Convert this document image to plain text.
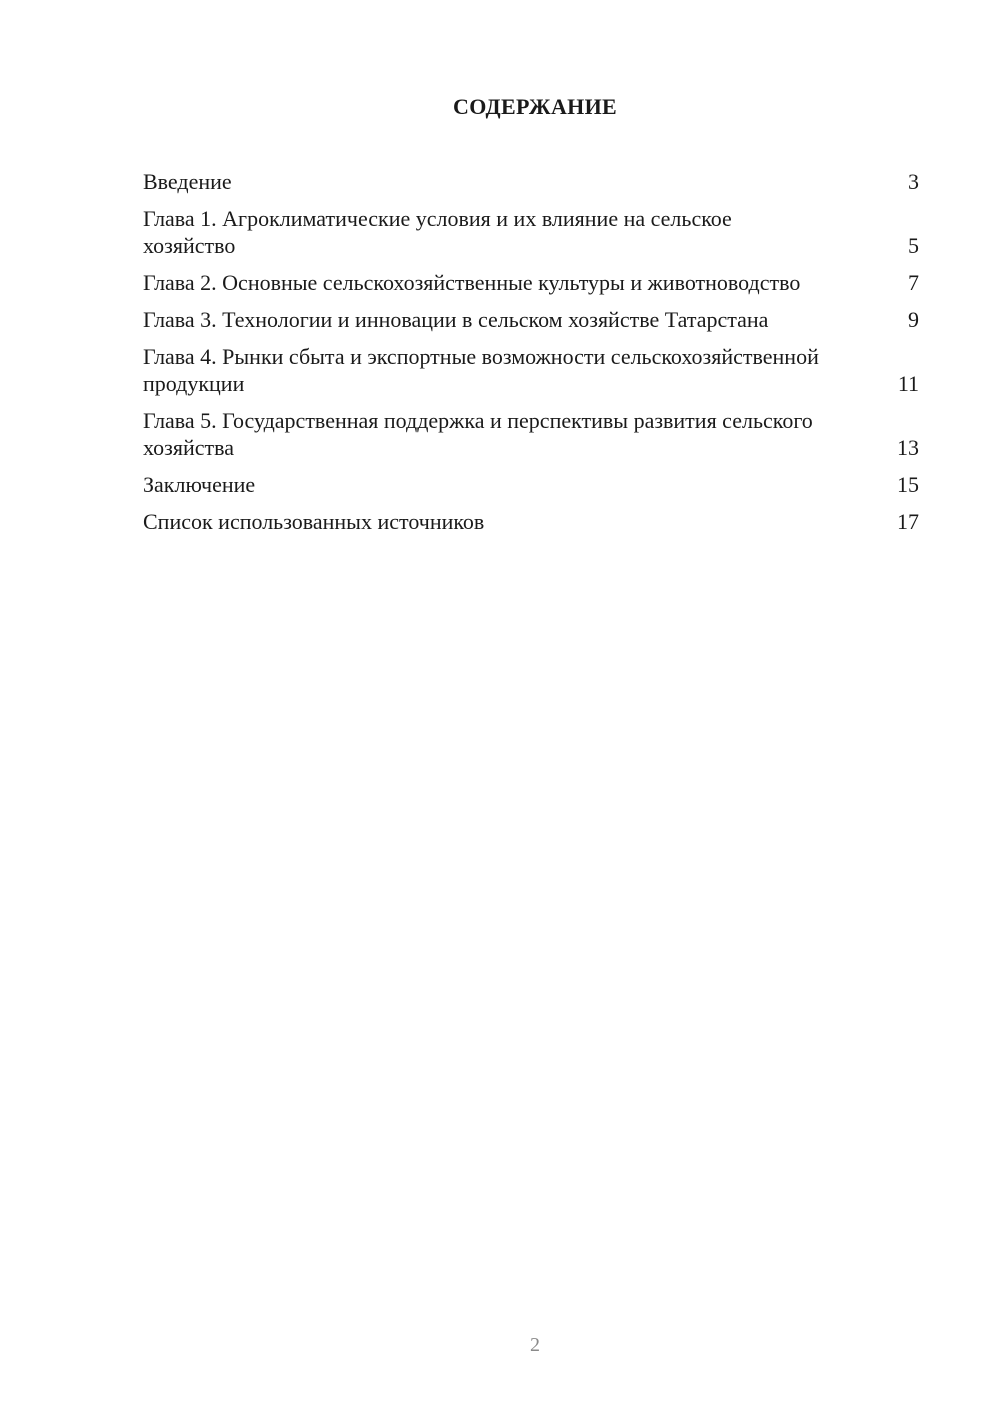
СОДЕРЖАНИЕ
Введение	3
Глава 1. Агроклиматические условия и их влияние на сельское хозяйство	5
Глава 2. Основные сельскохозяйственные культуры и животноводство	7
Глава 3. Технологии и инновации в сельском хозяйстве Татарстана	9
Глава 4. Рынки сбыта и экспортные возможности сельскохозяйственной продукции	11
Глава 5. Государственная поддержка и перспективы развития сельского хозяйства	13
Заключение	15
Список использованных источников	17
2
